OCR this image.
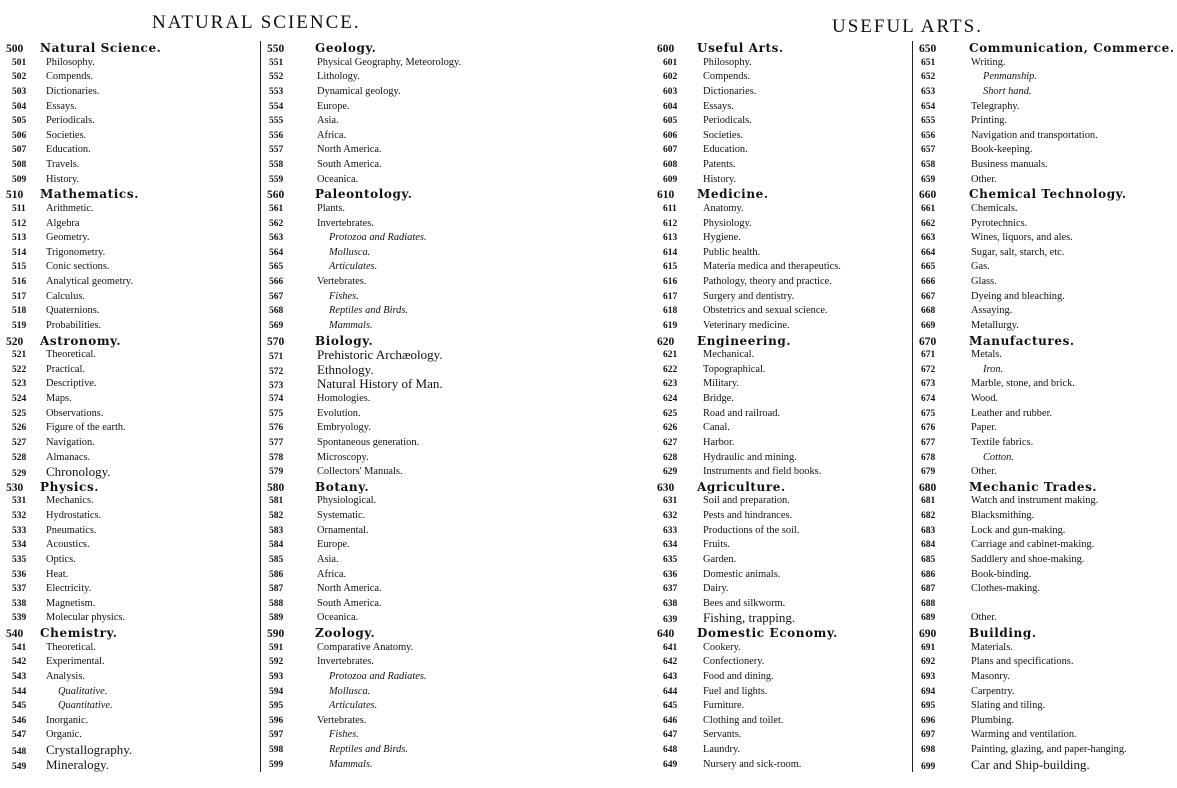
NATURAL SCIENCE.	USEFUL ARTS.
500 Natural Science.
501 Philosophy.
502 Compends.
503 Dictionaries.
504 Essays.
505 Periodicals.
506 Societies.
507 Education.
508 Travels.
509 History.
510 Mathematics.
511 Arithmetic.
512 Algebra
513 Geometry.
514 Trigonometry.
515 Conic sections.
516 Analytical geometry.
517 Calculus.
518 Quaternions.
519 Probabilities.
520 Astronomy.
521 Theoretical.
522 Practical.
523 Descriptive.
524 Maps.
525 Observations.
526 Figure of the earth.
527 Navigation.
528 Almanacs.
529 Chronology.
530 Physics.
531 Mechanics.
532 Hydrostatics.
533 Pneumatics.
534 Acoustics.
535 Optics.
536 Heat.
537 Electricity.
538 Magnetism.
539 Molecular physics.
540 Chemistry.
541 Theoretical.
542 Experimental.
543 Analysis.
544	Qualitative.
545	Quantitative.
546 Inorganic.
547 Organic.
548 Crystallography.
549 Mineralogy.
550	Geology.
551	Physical Geography, Meteorology.
552	Lithology.
553	Dynamical geology.
554	Europe.
555	Asia.
556	Africa.
557	North America.
558	South America.
559	Oceanica.
560	Paleontology.
561	Plants.
562	Invertebrates.
563	Protozoa and Radiates.
564	Mollusca.
565	Articulates.
566	Vertebrates.
567	Fishes.
568	Reptiles and Birds.
569	Mammals.
570	Biology.
571	Prehistoric Archæology.
572	Ethnology.
573	Natural History of Man.
574	Homologies.
575	Evolution.
576	Embryology.
577	Spontaneous generation.
578	Microscopy.
579	Collectors' Manuals.
580	Botany.
581	Physiological.
582	Systematic.
583	Ornamental.
584	Europe.
585	Asia.
586	Africa.
587	North America.
588	South America.
589	Oceanica.
590	Zoology.
591	Comparative Anatomy.
592	Invertebrates.
593	Protozoa and Radiates.
594	Mollusca.
595	Articulates.
596	Vertebrates.
597	Fishes.
598	Reptiles and Birds.
599	Mammals.
600 Useful Arts.
601 Philosophy.
602 Compends.
603 Dictionaries.
604 Essays.
605 Periodicals.
606 Societies.
607 Education.
608 Patents.
609 History.
610 Medicine.
611	Anatomy.
612 Physiology.
613 Hygiene.
614 Public health.
615 Materia medica and therapeutics.
616 Pathology, theory and practice.
617 Surgery and dentistry.
618 Obstetrics and sexual science.
619 Veterinary medicine.
620 Engineering.
621 Mechanical.
622 Topographical.
623 Military.
624 Bridge.
625 Road and railroad.
626 Canal.
627 Harbor.
628 Hydraulic and mining.
629 Instruments and field books.
630 Agriculture.
631 Soil and preparation.
632 Pests and hindrances.
633 Productions of the soil.
634 Fruits.
635 Garden.
636 Domestic animals.
637 Dairy.
638 Bees and silkworm.
639 Fishing, trapping.
640 Domestic Economy.
641 Cookery.
642 Confectionery.
643 Food and dining.
644 Fuel and lights.
645 Furniture.
646 Clothing and toilet.
647 Servants.
648 Laundry.
649 Nursery and sick-room.
650	Communication, Commerce.
651	Writing.
652	Penmanship.
653	Short hand.
654	Telegraphy.
655	Printing.
656	Navigation and transportation.
657	Book-keeping.
658	Business manuals.
659	Other.
660	Chemical Technology.
661	Chemicals.
662	Pyrotechnics.
663	Wines, liquors, and ales.
664	Sugar, salt, starch, etc.
665	Gas.
666	Glass.
667	Dyeing and bleaching.
668	Assaying.
669	Metallurgy.
670	Manufactures.
671	Metals.
672	Iron.
673	Marble, stone, and brick.
674	Wood.
675	Leather and rubber.
676	Paper.
677	Textile fabrics.
678	Cotton.
679	Other.
680	Mechanic Trades.
681	Watch and instrument making.
682	Blacksmithing.
683	Lock and gun-making.
684	Carriage and cabinet-making.
685	Saddlery and shoe-making.
686	Book-binding.
687	Clothes-making.
688
689	Other.
690	Building.
691	Materials.
692	Plans and specifications.
693	Masonry.
694	Carpentry.
695	Slating and tiling.
696	Plumbing.
697	Warming and ventilation.
698	Painting, glazing, and paper-hanging.
699	Car and Ship-building.
